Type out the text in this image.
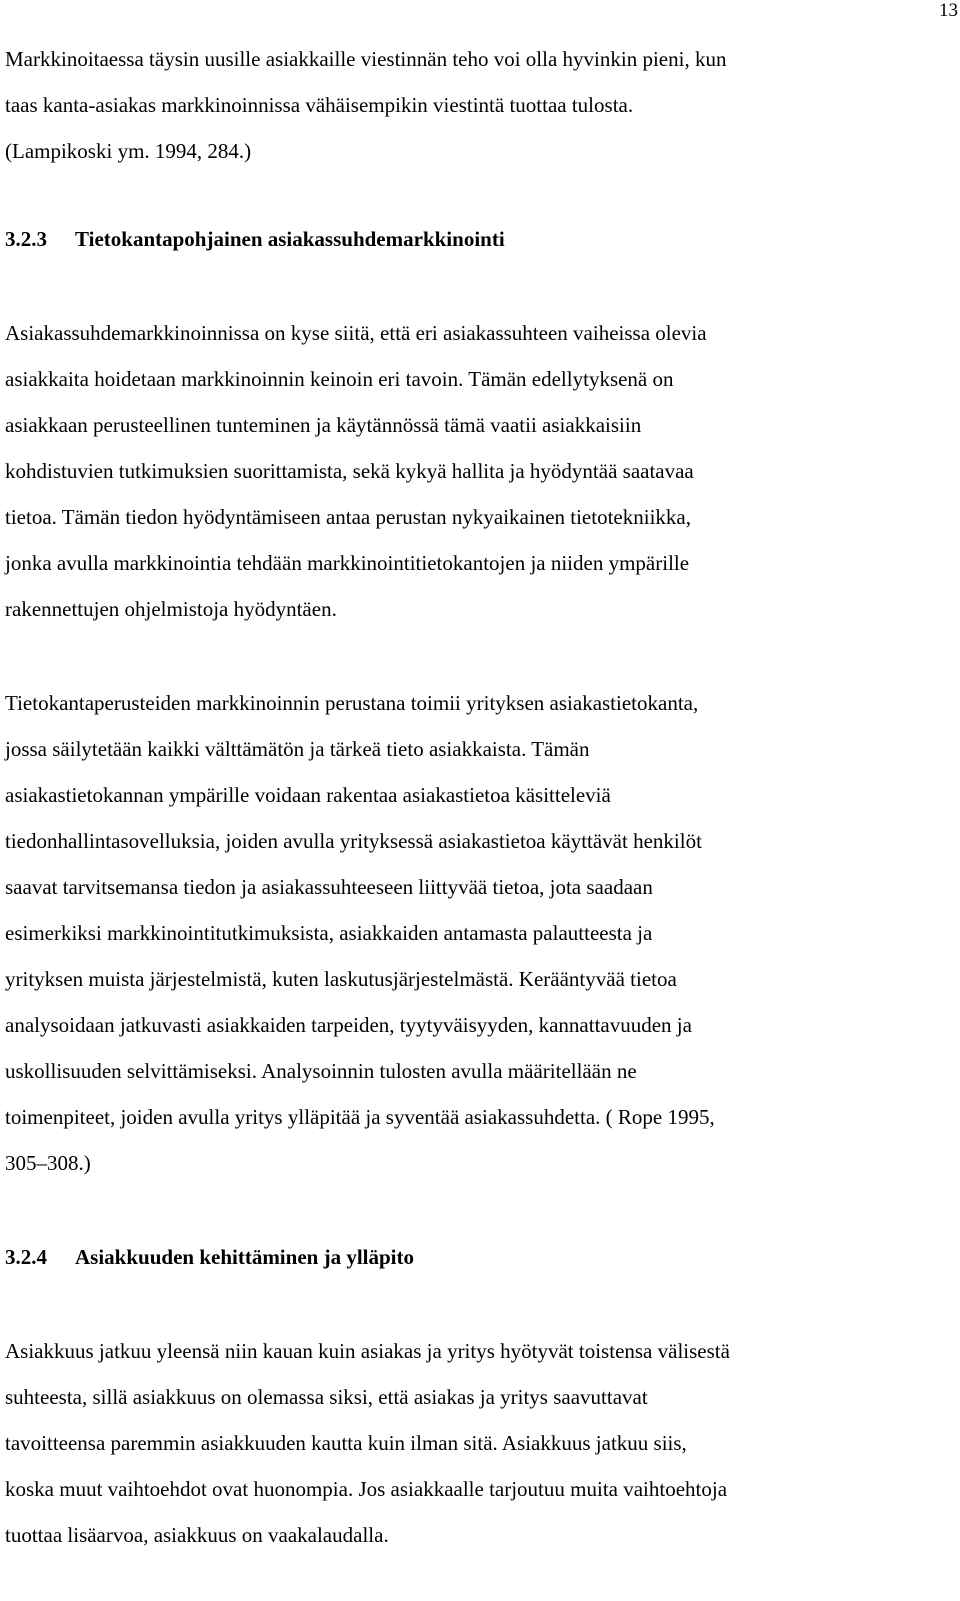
13
Markkinoitaessa täysin uusille asiakkaille viestinnän teho voi olla hyvinkin pieni, kun
taas kanta-asiakas markkinoinnissa vähäisempikin viestintä tuottaa tulosta.
(Lampikoski ym. 1994, 284.)
3.2.3 Tietokantapohjainen asiakassuhdemarkkinointi
Asiakassuhdemarkkinoinnissa on kyse siitä, että eri asiakassuhteen vaiheissa olevia
asiakkaita hoidetaan markkinoinnin keinoin eri tavoin. Tämän edellytyksenä on
asiakkaan perusteellinen tunteminen ja käytännössä tämä vaatii asiakkaisiin
kohdistuvien tutkimuksien suorittamista, sekä kykyä hallita ja hyödyntää saatavaa
tietoa. Tämän tiedon hyödyntämiseen antaa perustan nykyaikainen tietotekniikka,
jonka avulla markkinointia tehdään markkinointitietokantojen ja niiden ympärille
rakennettujen ohjelmistoja hyödyntäen.
Tietokantaperusteiden markkinoinnin perustana toimii yrityksen asiakastietokanta,
jossa säilytetään kaikki välttämätön ja tärkeä tieto asiakkaista. Tämän
asiakastietokannan ympärille voidaan rakentaa asiakastietoa käsitteleviä
tiedonhallintasovelluksia, joiden avulla yrityksessä asiakastietoa käyttävät henkilöt
saavat tarvitsemansa tiedon ja asiakassuhteeseen liittyvää tietoa, jota saadaan
esimerkiksi markkinointitutkimuksista, asiakkaiden antamasta palautteesta ja
yrityksen muista järjestelmistä, kuten laskutusjärjestelmästä. Kerääntyvää tietoa
analysoidaan jatkuvasti asiakkaiden tarpeiden, tyytyväisyyden, kannattavuuden ja
uskollisuuden selvittämiseksi. Analysoinnin tulosten avulla määritellään ne
toimenpiteet, joiden avulla yritys ylläpitää ja syventää asiakassuhdetta. ( Rope 1995,
305–308.)
3.2.4 Asiakkuuden kehittäminen ja ylläpito
Asiakkuus jatkuu yleensä niin kauan kuin asiakas ja yritys hyötyvät toistensa välisestä
suhteesta, sillä asiakkuus on olemassa siksi, että asiakas ja yritys saavuttavat
tavoitteensa paremmin asiakkuuden kautta kuin ilman sitä. Asiakkuus jatkuu siis,
koska muut vaihtoehdot ovat huonompia. Jos asiakkaalle tarjoutuu muita vaihtoehtoja
tuottaa lisäarvoa, asiakkuus on vaakalaudalla.
